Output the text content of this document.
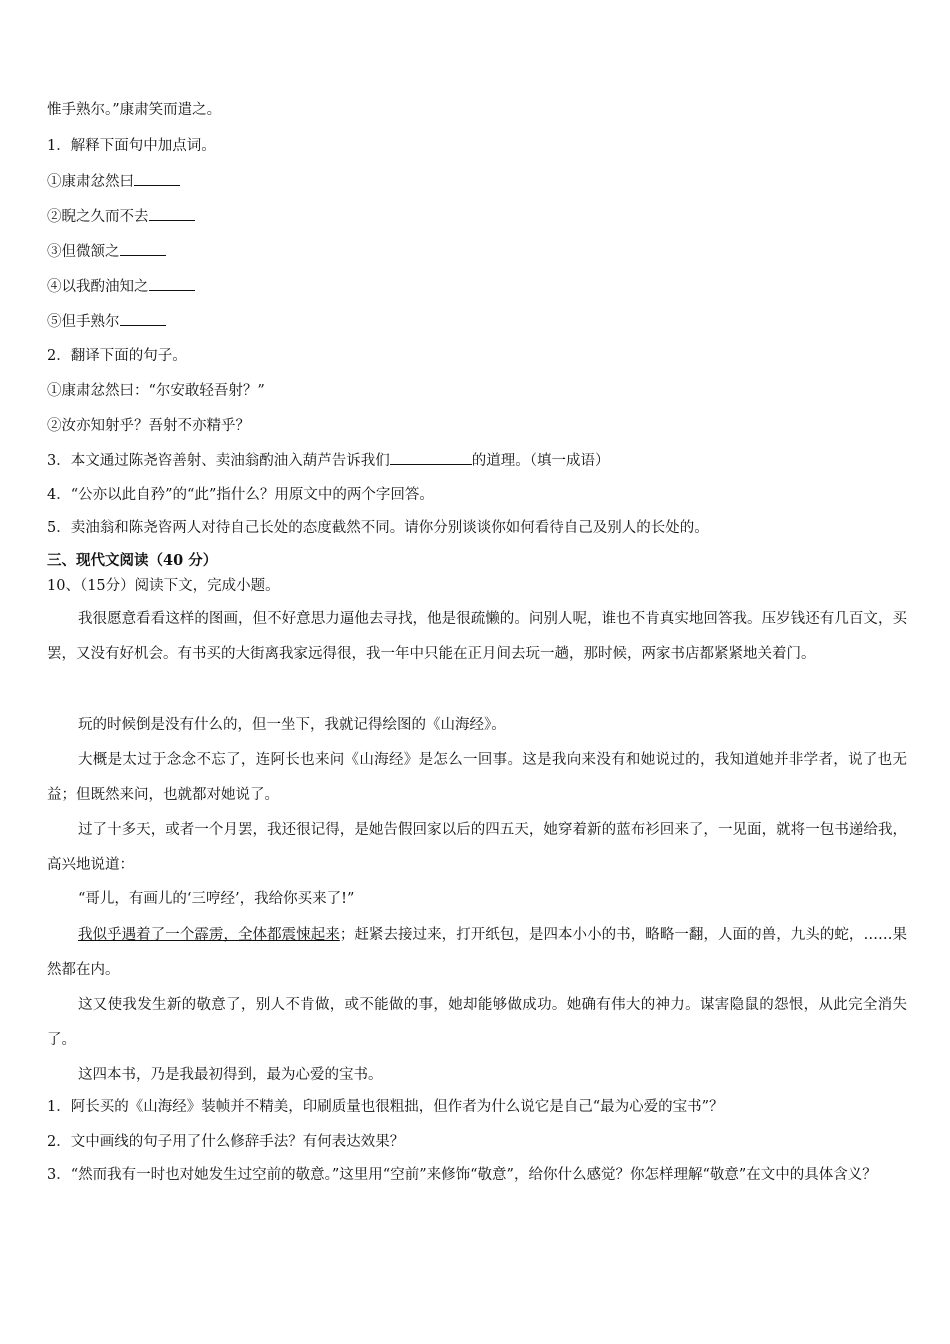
惟手熟尔。”康肃笑而遣之。
1．解释下面句中加点词。
①康肃忿然曰
②睨之久而不去
③但微颔之
④以我酌油知之
⑤但手熟尔
2．翻译下面的句子。
①康肃忿然曰：“尔安敢轻吾射？”
②汝亦知射乎？吾射不亦精乎？
3．本文通过陈尧咨善射、卖油翁酌油入葫芦告诉我们	的道理。（填一成语）
4．“公亦以此自矜”的“此”指什么？用原文中的两个字回答。
5．卖油翁和陈尧咨两人对待自己长处的态度截然不同。请你分别谈谈你如何看待自己及别人的长处的。
三、现代文阅读（40 分）
10、（15分）阅读下文，完成小题。
我很愿意看看这样的图画，但不好意思力逼他去寻找，他是很疏懒的。问别人呢，谁也不肯真实地回答我。压岁钱还有几百文，买罢，又没有好机会。有书买的大街离我家远得很，我一年中只能在正月间去玩一趟，那时候，两家书店都紧紧地关着门。
玩的时候倒是没有什么的，但一坐下，我就记得绘图的《山海经》。
大概是太过于念念不忘了，连阿长也来问《山海经》是怎么一回事。这是我向来没有和她说过的，我知道她并非学者，说了也无益；但既然来问，也就都对她说了。
过了十多天，或者一个月罢，我还很记得，是她告假回家以后的四五天，她穿着新的蓝布衫回来了，一见面，就将一包书递给我，高兴地说道：
“哥儿，有画儿的‘三哼经’，我给你买来了!”
我似乎遇着了一个霹雳，全体都震悚起来；赶紧去接过来，打开纸包，是四本小小的书，略略一翻，人面的兽，九头的蛇，……果然都在内。
这又使我发生新的敬意了，别人不肯做，或不能做的事，她却能够做成功。她确有伟大的神力。谋害隐鼠的怨恨，从此完全消失了。
这四本书，乃是我最初得到，最为心爱的宝书。
1．阿长买的《山海经》装帧并不精美，印刷质量也很粗拙，但作者为什么说它是自己“最为心爱的宝书”？
2．文中画线的句子用了什么修辞手法？有何表达效果？
3．“然而我有一时也对她发生过空前的敬意。”这里用“空前”来修饰“敬意”，给你什么感觉？你怎样理解“敬意”在文中的具体含义？
